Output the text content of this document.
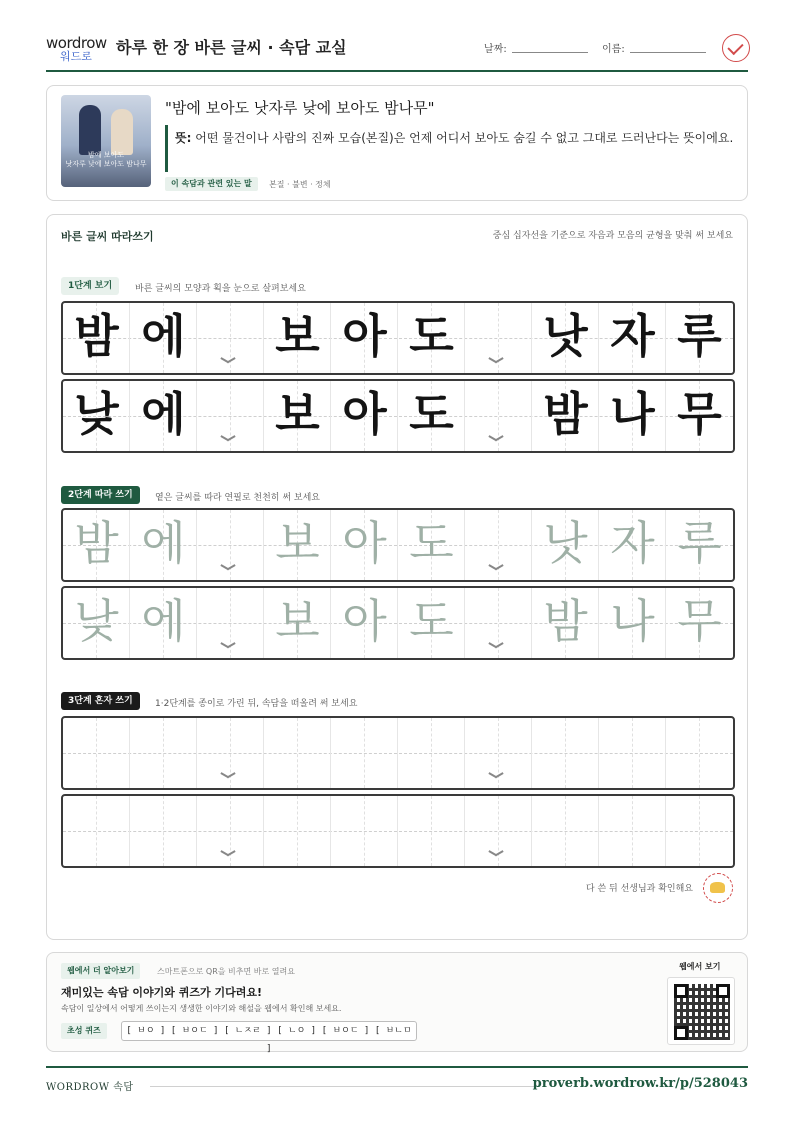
wordrow
워드로 하루 한 장 바른 글씨 · 속담 교실	날짜:	이름:
밤에 보아도
낫자루 낮에 보아도 밤나무
"밤에 보아도 낫자루 낮에 보아도 밤나무"
뜻: 어떤 물건이나 사람의 진짜 모습(본질)은 언제 어디서 보아도 숨길 수 없고 그대로 드러난다는 뜻이에요.
이 속담과 관련 있는 말	본질 · 불변 · 정체
바른 글씨 따라쓰기	중심 십자선을 기준으로 자음과 모음의 균형을 맞춰 써 보세요
1단계 보기	바른 글씨의 모양과 획을 눈으로 살펴보세요
밤 에 보 아 도 낫 자 루
낮 에 보 아 도 밤 나 무
2단계 따라 쓰기	옅은 글씨를 따라 연필로 천천히 써 보세요
밤 에 보 아 도 낫 자 루
낮 에 보 아 도 밤 나 무
3단계 혼자 쓰기	1·2단계를 종이로 가린 뒤, 속담을 떠올려 써 보세요
다 쓴 뒤 선생님과 확인해요
웹에서 더 알아보기	스마트폰으로 QR을 비추면 바로 열려요
재미있는 속담 이야기와 퀴즈가 기다려요!
속담이 일상에서 어떻게 쓰이는지 생생한 이야기와 해설을 웹에서 확인해 보세요.
초성 퀴즈	[ ㅂㅇ ] [ ㅂㅇㄷ ] [ ㄴㅈㄹ ] [ ㄴㅇ ] [ ㅂㅇㄷ ] [ ㅂㄴㅁ ]
웹에서 보기
WORDROW 속담	proverb.wordrow.kr/p/528043
